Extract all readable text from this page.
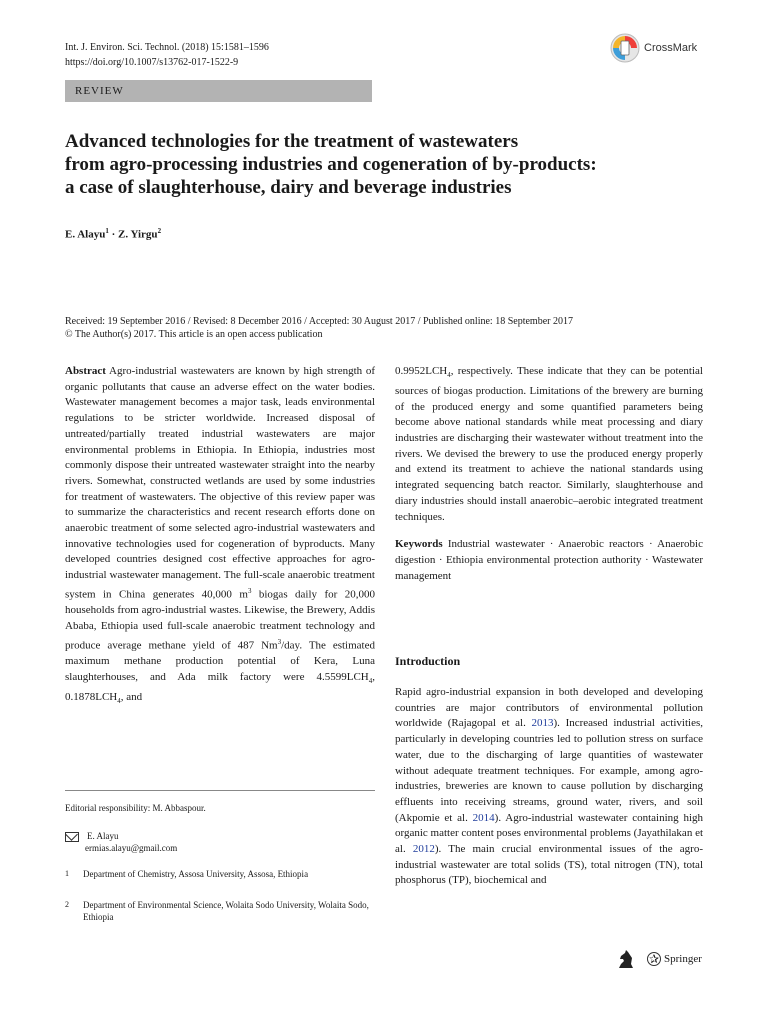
Int. J. Environ. Sci. Technol. (2018) 15:1581–1596
https://doi.org/10.1007/s13762-017-1522-9
CrossMark
REVIEW
Advanced technologies for the treatment of wastewaters
from agro-processing industries and cogeneration of by-products:
a case of slaughterhouse, dairy and beverage industries
E. Alayu$^1$ · Z. Yirgu$^2$
Received: 19 September 2016 / Revised: 8 December 2016 / Accepted: 30 August 2017 / Published online: 18 September 2017
© The Author(s) 2017. This article is an open access publication

Abstract Agro-industrial wastewaters are known by high strength of organic pollutants that cause an adverse effect on the water bodies. Wastewater management becomes a major task, leads environmental regulations to be stricter worldwide. Increased disposal of untreated/partially treated industrial wastewaters are major environmental problems in Ethiopia. In Ethiopia, industries most commonly dispose their untreated wastewater straight into the nearby rivers. Somewhat, constructed wetlands are used by some industries for treatment of wastewaters. The objective of this review paper was to summarize the characteristics and recent research efforts done on anaerobic treatment of some selected agro-industrial wastewaters and innovative technologies used for cogeneration of byproducts. Many developed countries designed cost effective approaches for agro-industrial wastewater management. The full-scale anaerobic treatment system in China generates 40,000 $m^3$ biogas daily for 20,000 households from agro-industrial wastes. Likewise, the Brewery, Addis Ababa, Ethiopia used full-scale anaerobic treatment technology and produce average methane yield of 487 Nm$^3$/day. The estimated maximum methane production potential of Kera, Luna slaughterhouses, and Ada milk factory were $4.5599LCH_4$, $0.1878LCH_4$, and

$0.9952LCH_4$, respectively. These indicate that they can be potential sources of biogas production. Limitations of the brewery are burning of the produced energy and some quantified parameters being become above national standards while meat processing and diary industries are discharging their wastewater without treatment into the rivers. We devised the brewery to use the produced energy properly and extend its treatment to achieve the national standards using integrated sequencing batch reactor. Similarly, slaughterhouse and diary industries should install anaerobic–aerobic integrated treatment techniques.

Keywords Industrial wastewater · Anaerobic reactors · Anaerobic digestion · Ethiopia environmental protection authority · Wastewater management

Introduction

Rapid agro-industrial expansion in both developed and developing countries are major contributors of environmental pollution worldwide (Rajagopal et al. 2013). Increased industrial activities, particularly in developing countries led to pollution stress on surface water, due to the discharging of large quantities of wastewater without adequate treatment techniques. For example, among agro-industries, breweries are known to cause pollution by discharging effluents into receiving streams, ground water, rivers, and soil (Akpomie et al. 2014). Agro-industrial wastewater containing high organic matter content poses environmental problems (Jayathilakan et al. 2012). The main crucial environmental issues of the agro-industrial wastewater are total solids (TS), total nitrogen (TN), total phosphorus (TP), biochemical and

Editorial responsibility: M. Abbaspour.
E. Alayu
ermias.alayu@gmail.com
1 Department of Chemistry, Assosa University, Assosa, Ethiopia
2 Department of Environmental Science, Wolaita Sodo University, Wolaita Sodo, Ethiopia
✰ Springer
